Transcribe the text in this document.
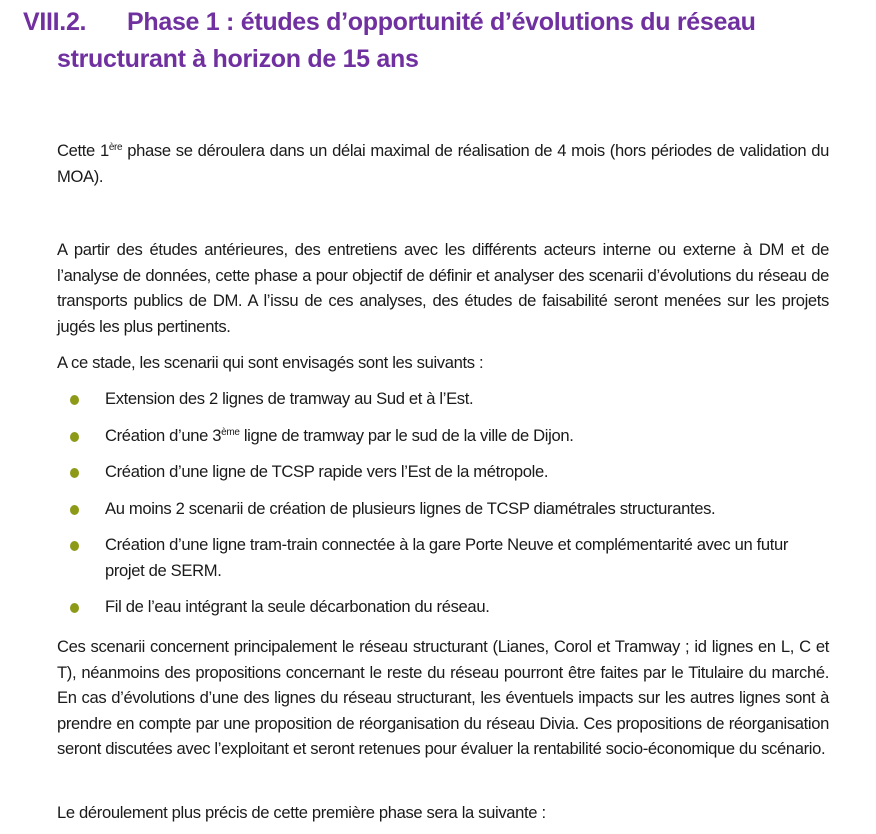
VIII.2. Phase 1 : études d’opportunité d’évolutions du réseau
structurant à horizon de 15 ans
Cette 1ère phase se déroulera dans un délai maximal de réalisation de 4 mois (hors périodes de validation du MOA).
A partir des études antérieures, des entretiens avec les différents acteurs interne ou externe à DM et de l’analyse de données, cette phase a pour objectif de définir et analyser des scenarii d’évolutions du réseau de transports publics de DM. A l’issu de ces analyses, des études de faisabilité seront menées sur les projets jugés les plus pertinents.
A ce stade, les scenarii qui sont envisagés sont les suivants :
Extension des 2 lignes de tramway au Sud et à l’Est.
Création d’une 3ème ligne de tramway par le sud de la ville de Dijon.
Création d’une ligne de TCSP rapide vers l’Est de la métropole.
Au moins 2 scenarii de création de plusieurs lignes de TCSP diamétrales structurantes.
Création d’une ligne tram-train connectée à la gare Porte Neuve et complémentarité avec un futur projet de SERM.
Fil de l’eau intégrant la seule décarbonation du réseau.
Ces scenarii concernent principalement le réseau structurant (Lianes, Corol et Tramway ; id lignes en L, C et T), néanmoins des propositions concernant le reste du réseau pourront être faites par le Titulaire du marché. En cas d’évolutions d’une des lignes du réseau structurant, les éventuels impacts sur les autres lignes sont à prendre en compte par une proposition de réorganisation du réseau Divia. Ces propositions de réorganisation seront discutées avec l’exploitant et seront retenues pour évaluer la rentabilité socio-économique du scénario.
Le déroulement plus précis de cette première phase sera la suivante :
